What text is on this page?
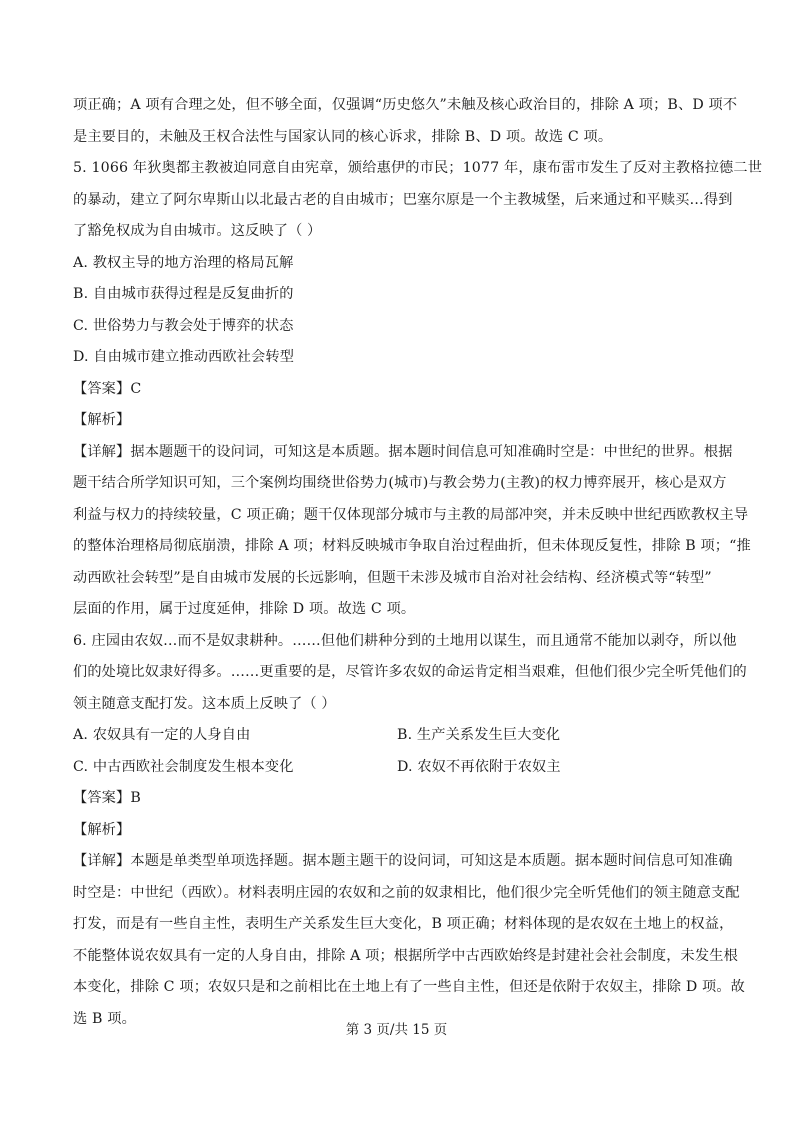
项正确；A 项有合理之处，但不够全面，仅强调“历史悠久”未触及核心政治目的，排除 A 项；B、D 项不
是主要目的，未触及王权合法性与国家认同的核心诉求，排除 B、D 项。故选 C 项。
5. 1066 年狄奥都主教被迫同意自由宪章，颁给惠伊的市民；1077 年，康布雷市发生了反对主教格拉德二世
的暴动，建立了阿尔卑斯山以北最古老的自由城市；巴塞尔原是一个主教城堡，后来通过和平赎买…得到
了豁免权成为自由城市。这反映了（ ）
A. 教权主导的地方治理的格局瓦解
B. 自由城市获得过程是反复曲折的
C. 世俗势力与教会处于博弈的状态
D. 自由城市建立推动西欧社会转型
【答案】C
【解析】
【详解】据本题题干的设问词，可知这是本质题。据本题时间信息可知准确时空是：中世纪的世界。根据
题干结合所学知识可知，三个案例均围绕世俗势力(城市)与教会势力(主教)的权力博弈展开，核心是双方
利益与权力的持续较量，C 项正确；题干仅体现部分城市与主教的局部冲突，并未反映中世纪西欧教权主导
的整体治理格局彻底崩溃，排除 A 项；材料反映城市争取自治过程曲折，但未体现反复性，排除 B 项；“推
动西欧社会转型”是自由城市发展的长远影响，但题干未涉及城市自治对社会结构、经济模式等“转型”
层面的作用，属于过度延伸，排除 D 项。故选 C 项。
6. 庄园由农奴…而不是奴隶耕种。……但他们耕种分到的土地用以谋生，而且通常不能加以剥夺，所以他
们的处境比奴隶好得多。……更重要的是，尽管许多农奴的命运肯定相当艰难，但他们很少完全听凭他们的
领主随意支配打发。这本质上反映了（ ）
A. 农奴具有一定的人身自由	B. 生产关系发生巨大变化
C. 中古西欧社会制度发生根本变化	D. 农奴不再依附于农奴主
【答案】B
【解析】
【详解】本题是单类型单项选择题。据本题主题干的设问词，可知这是本质题。据本题时间信息可知准确
时空是：中世纪（西欧）。材料表明庄园的农奴和之前的奴隶相比，他们很少完全听凭他们的领主随意支配
打发，而是有一些自主性，表明生产关系发生巨大变化，B 项正确；材料体现的是农奴在土地上的权益，
不能整体说农奴具有一定的人身自由，排除 A 项；根据所学中古西欧始终是封建社会社会制度，未发生根
本变化，排除 C 项；农奴只是和之前相比在土地上有了一些自主性，但还是依附于农奴主，排除 D 项。故
选 B 项。
第 3 页/共 15 页
